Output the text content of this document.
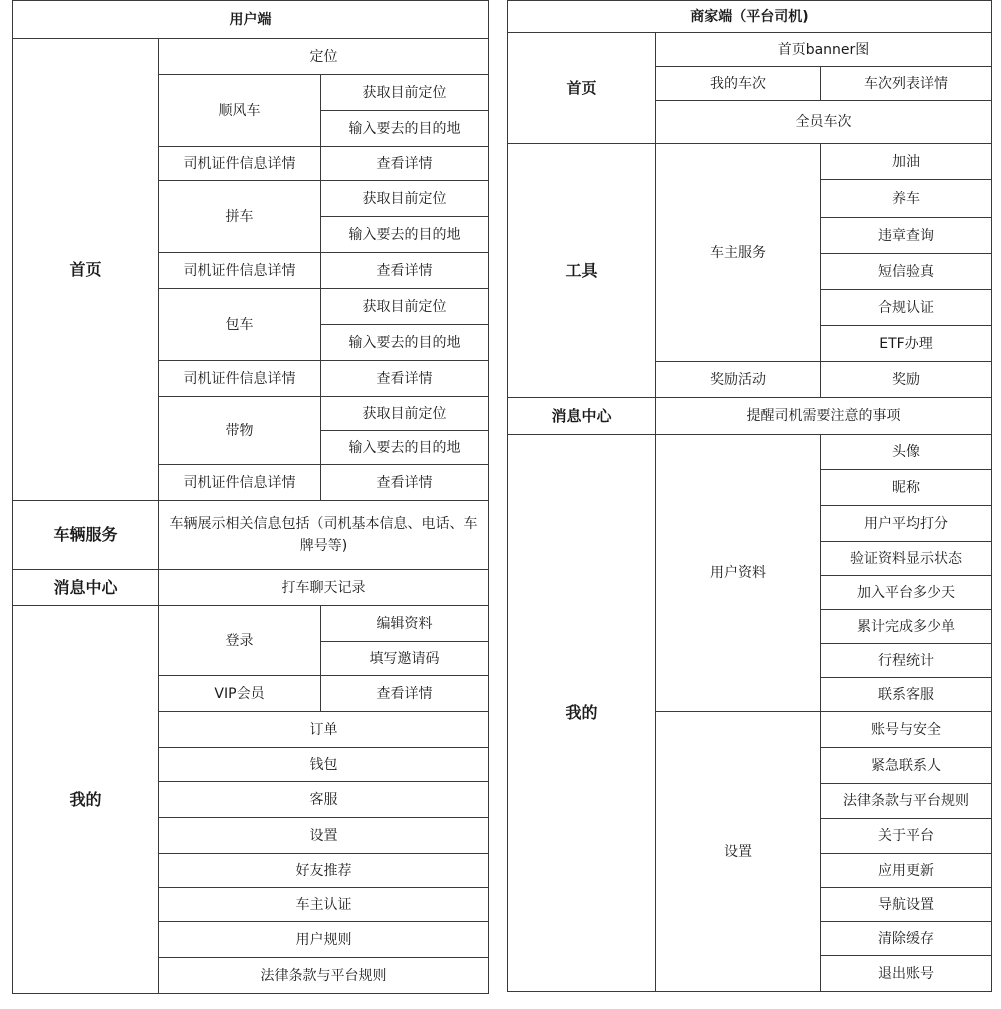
用户端		
首页	定位	
	顺风车	获取目前定位
		输入要去的目的地
	司机证件信息详情	查看详情
	拼车	获取目前定位
		输入要去的目的地
	司机证件信息详情	查看详情
	包车	获取目前定位
		输入要去的目的地
	司机证件信息详情	查看详情
	带物	获取目前定位
		输入要去的目的地
	司机证件信息详情	查看详情
车辆服务	车辆展示相关信息包括（司机基本信息、电话、车牌号等)	
消息中心	打车聊天记录	
我的	登录	编辑资料
		填写邀请码
	VIP会员	查看详情
	订单	
	钱包	
	客服	
	设置	
	好友推荐	
	车主认证	
	用户规则	
	法律条款与平台规则	
商家端（平台司机)		
首页	首页banner图	
	我的车次	车次列表详情
	全员车次	
工具	车主服务	加油
		养车
		违章查询
		短信验真
		合规认证
		ETF办理
	奖励活动	奖励
消息中心	提醒司机需要注意的事项	
我的	用户资料	头像
		昵称
		用户平均打分
		验证资料显示状态
		加入平台多少天
		累计完成多少单
		行程统计
		联系客服
	设置	账号与安全
		紧急联系人
		法律条款与平台规则
		关于平台
		应用更新
		导航设置
		清除缓存
		退出账号
